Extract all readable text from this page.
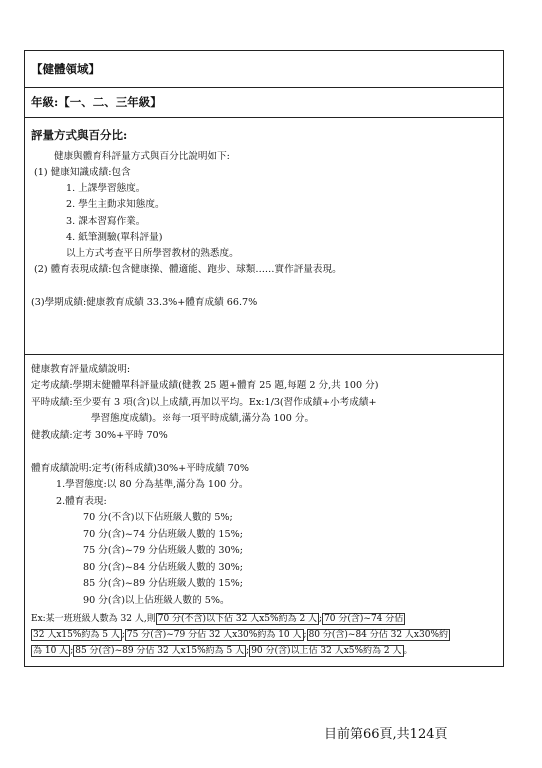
【健體領域】
年級:【一、二、三年級】
評量方式與百分比:
健康與體育科評量方式與百分比說明如下:
(1) 健康知識成績:包含
1. 上課學習態度。
2. 學生主動求知態度。
3. 課本習寫作業。
4. 紙筆測驗(單科評量)
以上方式考查平日所學習教材的熟悉度。
(2) 體育表現成績:包含健康操、體適能、跑步、球類……實作評量表現。
(3)學期成績:健康教育成績 33.3%+體育成績 66.7%
健康教育評量成績說明:
定考成績:學期末健體單科評量成績(健教 25 題+體育 25 題,每題 2 分,共 100 分)
平時成績:至少要有 3 項(含)以上成績,再加以平均。Ex:1/3(習作成績+小考成績+
學習態度成績)。※每一項平時成績,滿分為 100 分。
健教成績:定考 30%+平時 70%
體育成績說明:定考(術科成績)30%+平時成績 70%
1.學習態度:以 80 分為基準,滿分為 100 分。
2.體育表現:
70 分(不含)以下佔班級人數的 5%;
70 分(含)~74 分佔班級人數的 15%;
75 分(含)~79 分佔班級人數的 30%;
80 分(含)~84 分佔班級人數的 30%;
85 分(含)~89 分佔班級人數的 15%;
90 分(含)以上佔班級人數的 5%。
Ex:某一班班級人數為 32 人,則 70 分(不含)以下佔 32 人x5%約為 2 人 ; 70 分(含)~74 分佔
32 人x15%約為 5 人 ; 75 分(含)~79 分佔 32 人x30%約為 10 人 ; 80 分(含)~84 分佔 32 人x30%約
為 10 人 ; 85 分(含)~89 分佔 32 人x15%約為 5 人 ; 90 分(含)以上佔 32 人x5%約為 2 人 。
目前第66頁,共124頁
